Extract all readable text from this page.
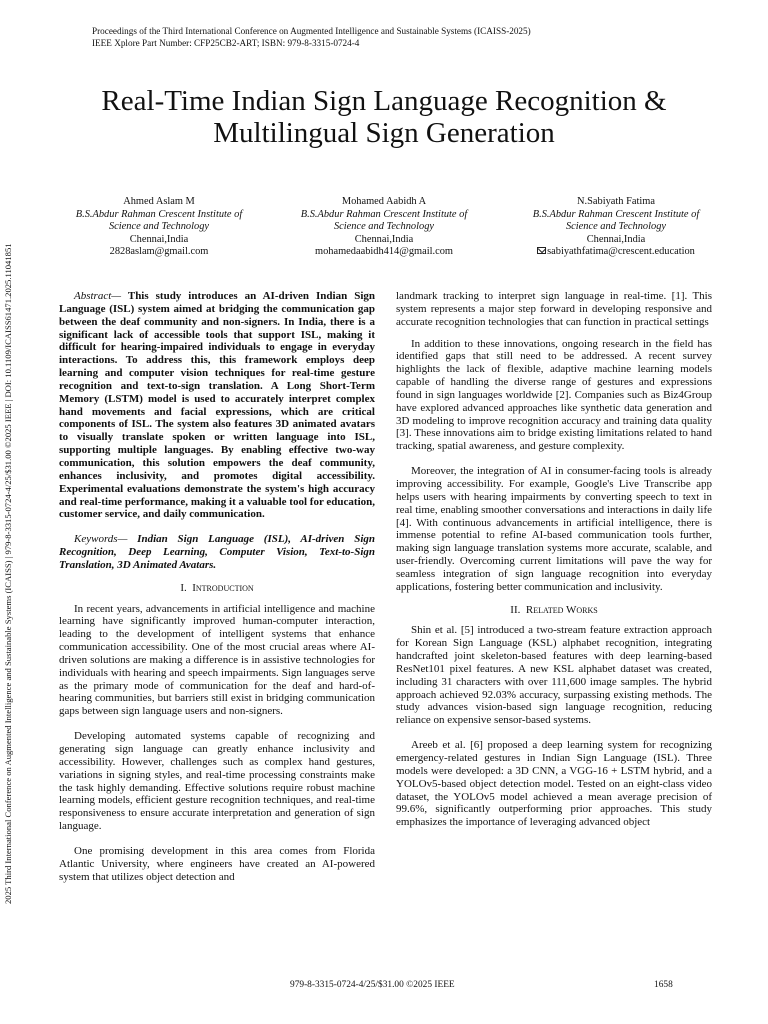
Proceedings of the Third International Conference on Augmented Intelligence and Sustainable Systems (ICAISS-2025)
IEEE Xplore Part Number: CFP25CB2-ART; ISBN: 979-8-3315-0724-4
2025 Third International Conference on Augmented Intelligence and Sustainable Systems (ICAISS) | 979-8-3315-0724-4/25/$31.00 ©2025 IEEE | DOI: 10.1109/ICAISS61471.2025.11041851
Real-Time Indian Sign Language Recognition &
Multilingual Sign Generation
Ahmed Aslam M
B.S.Abdur Rahman Crescent Institute of
Science and Technology
Chennai,India
2828aslam@gmail.com
Mohamed Aabidh A
B.S.Abdur Rahman Crescent Institute of
Science and Technology
Chennai,India
mohamedaabidh414@gmail.com
N.Sabiyath Fatima
B.S.Abdur Rahman Crescent Institute of
Science and Technology
Chennai,India
sabiyathfatima@crescent.education

Abstract— This study introduces an AI-driven Indian Sign Language (ISL) system aimed at bridging the communication gap between the deaf community and non-signers. In India, there is a significant lack of accessible tools that support ISL, making it difficult for hearing-impaired individuals to engage in everyday interactions. To address this, this framework employs deep learning and computer vision techniques for real-time gesture recognition and text-to-sign translation. A Long Short-Term Memory (LSTM) model is used to accurately interpret complex hand movements and facial expressions, which are critical components of ISL. The system also features 3D animated avatars to visually translate spoken or written language into ISL, supporting multiple languages. By enabling effective two-way communication, this solution empowers the deaf community, enhances inclusivity, and promotes digital accessibility. Experimental evaluations demonstrate the system's high accuracy and real-time performance, making it a valuable tool for education, customer service, and daily communication.

Keywords— Indian Sign Language (ISL), AI-driven Sign Recognition, Deep Learning, Computer Vision, Text-to-Sign Translation, 3D Animated Avatars.

I. Introduction

In recent years, advancements in artificial intelligence and machine learning have significantly improved human-computer interaction, leading to the development of intelligent systems that enhance communication accessibility. One of the most crucial areas where AI-driven solutions are making a difference is in assistive technologies for individuals with hearing and speech impairments. Sign languages serve as the primary mode of communication for the deaf and hard-of-hearing communities, but barriers still exist in bridging communication gaps between sign language users and non-signers.

Developing automated systems capable of recognizing and generating sign language can greatly enhance inclusivity and accessibility. However, challenges such as complex hand gestures, variations in signing styles, and real-time processing constraints make the task highly demanding. Effective solutions require robust machine learning models, efficient gesture recognition techniques, and real-time responsiveness to ensure accurate interpretation and generation of sign language.

One promising development in this area comes from Florida Atlantic University, where engineers have created an AI-powered system that utilizes object detection and

landmark tracking to interpret sign language in real-time. [1]. This system represents a major step forward in developing responsive and accurate recognition technologies that can function in practical settings

In addition to these innovations, ongoing research in the field has identified gaps that still need to be addressed. A recent survey highlights the lack of flexible, adaptive machine learning models capable of handling the diverse range of gestures and expressions found in sign languages worldwide [2]. Companies such as Biz4Group have explored advanced approaches like synthetic data generation and 3D modeling to improve recognition accuracy and training data quality [3]. These innovations aim to bridge existing limitations related to hand tracking, spatial awareness, and gesture complexity.

Moreover, the integration of AI in consumer-facing tools is already improving accessibility. For example, Google's Live Transcribe app helps users with hearing impairments by converting speech to text in real time, enabling smoother conversations and interactions in daily life [4]. With continuous advancements in artificial intelligence, there is immense potential to refine AI-based communication tools further, making sign language translation systems more accurate, scalable, and user-friendly. Overcoming current limitations will pave the way for seamless integration of sign language recognition into everyday applications, fostering better communication and inclusivity.

II. Related Works

Shin et al. [5] introduced a two-stream feature extraction approach for Korean Sign Language (KSL) alphabet recognition, integrating handcrafted joint skeleton-based features with deep learning-based ResNet101 pixel features. A new KSL alphabet dataset was created, including 31 characters with over 111,600 image samples. The hybrid approach achieved 92.03% accuracy, surpassing existing methods. The study advances vision-based sign language recognition, reducing reliance on expensive sensor-based systems.

Areeb et al. [6] proposed a deep learning system for recognizing emergency-related gestures in Indian Sign Language (ISL). Three models were developed: a 3D CNN, a VGG-16 + LSTM hybrid, and a YOLOv5-based object detection model. Tested on an eight-class video dataset, the YOLOv5 model achieved a mean average precision of 99.6%, significantly outperforming prior approaches. This study emphasizes the importance of leveraging advanced object

979-8-3315-0724-4/25/$31.00 ©2025 IEEE	1658
